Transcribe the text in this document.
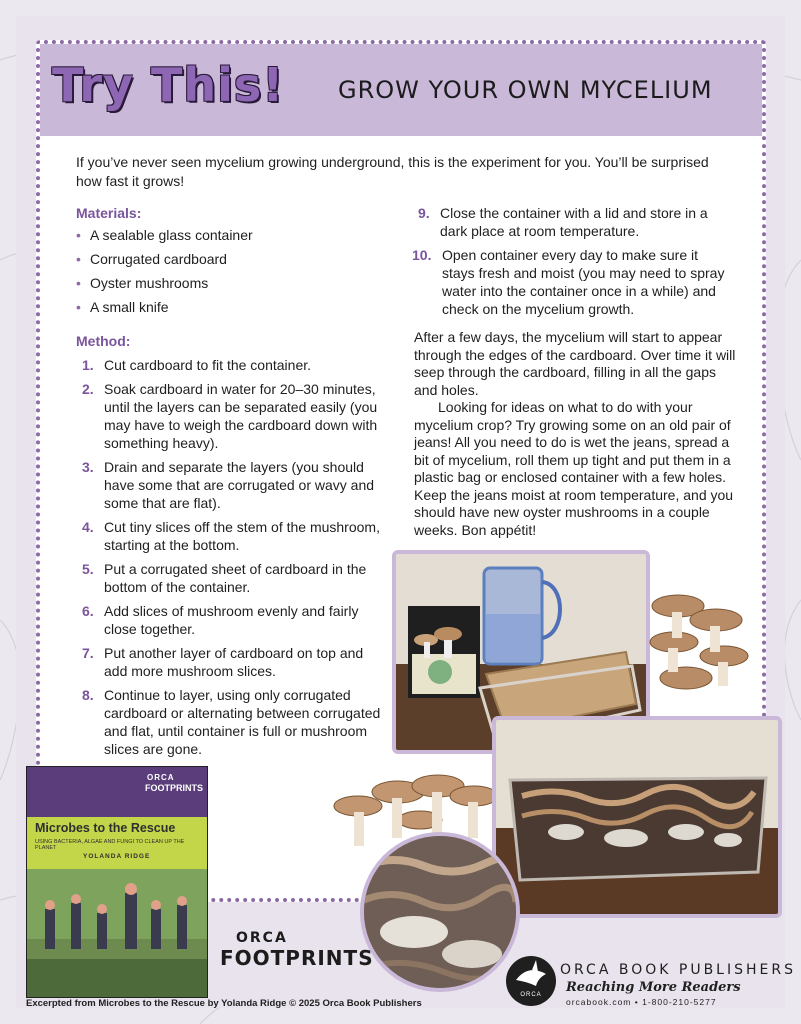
Try This! GROW YOUR OWN MYCELIUM

If you’ve never seen mycelium growing underground, this is the experiment for you. You’ll be surprised how fast it grows!

Materials:
• A sealable glass container
• Corrugated cardboard
• Oyster mushrooms
• A small knife
Method:
1. Cut cardboard to fit the container.
2. Soak cardboard in water for 20–30 minutes, until the layers can be separated easily (you may have to weigh the cardboard down with something heavy).
3. Drain and separate the layers (you should have some that are corrugated or wavy and some that are flat).
4. Cut tiny slices off the stem of the mushroom, starting at the bottom.
5. Put a corrugated sheet of cardboard in the bottom of the container.
6. Add slices of mushroom evenly and fairly close together.
7. Put another layer of cardboard on top and add more mushroom slices.
8. Continue to layer, using only corrugated cardboard or alternating between corrugated and flat, until container is full or mushroom slices are gone.
9. Close the container with a lid and store in a dark place at room temperature.
10. Open container every day to make sure it stays fresh and moist (you may need to spray water into the container once in a while) and check on the mycelium growth.

After a few days, the mycelium will start to appear through the edges of the cardboard. Over time it will seep through the cardboard, filling in all the gaps and holes.

Looking for ideas on what to do with your mycelium crop? Try growing some on an old pair of jeans! All you need to do is wet the jeans, spread a bit of mycelium, roll them up tight and put them in a plastic bag or enclosed container with a few holes. Keep the jeans moist at room temperature, and you should have new oyster mushrooms in a couple weeks. Bon appétit!

ORCA
FOOTPRINTS
Microbes to the Rescue
USING BACTERIA, ALGAE AND FUNGI TO CLEAN UP THE PLANET
YOLANDA RIDGE
ORCA
FOOTPRINTS
ORCA
ORCA BOOK PUBLISHERS
Reaching More Readers
orcabook.com • 1-800-210-5277
Excerpted from Microbes to the Rescue by Yolanda Ridge © 2025 Orca Book Publishers
